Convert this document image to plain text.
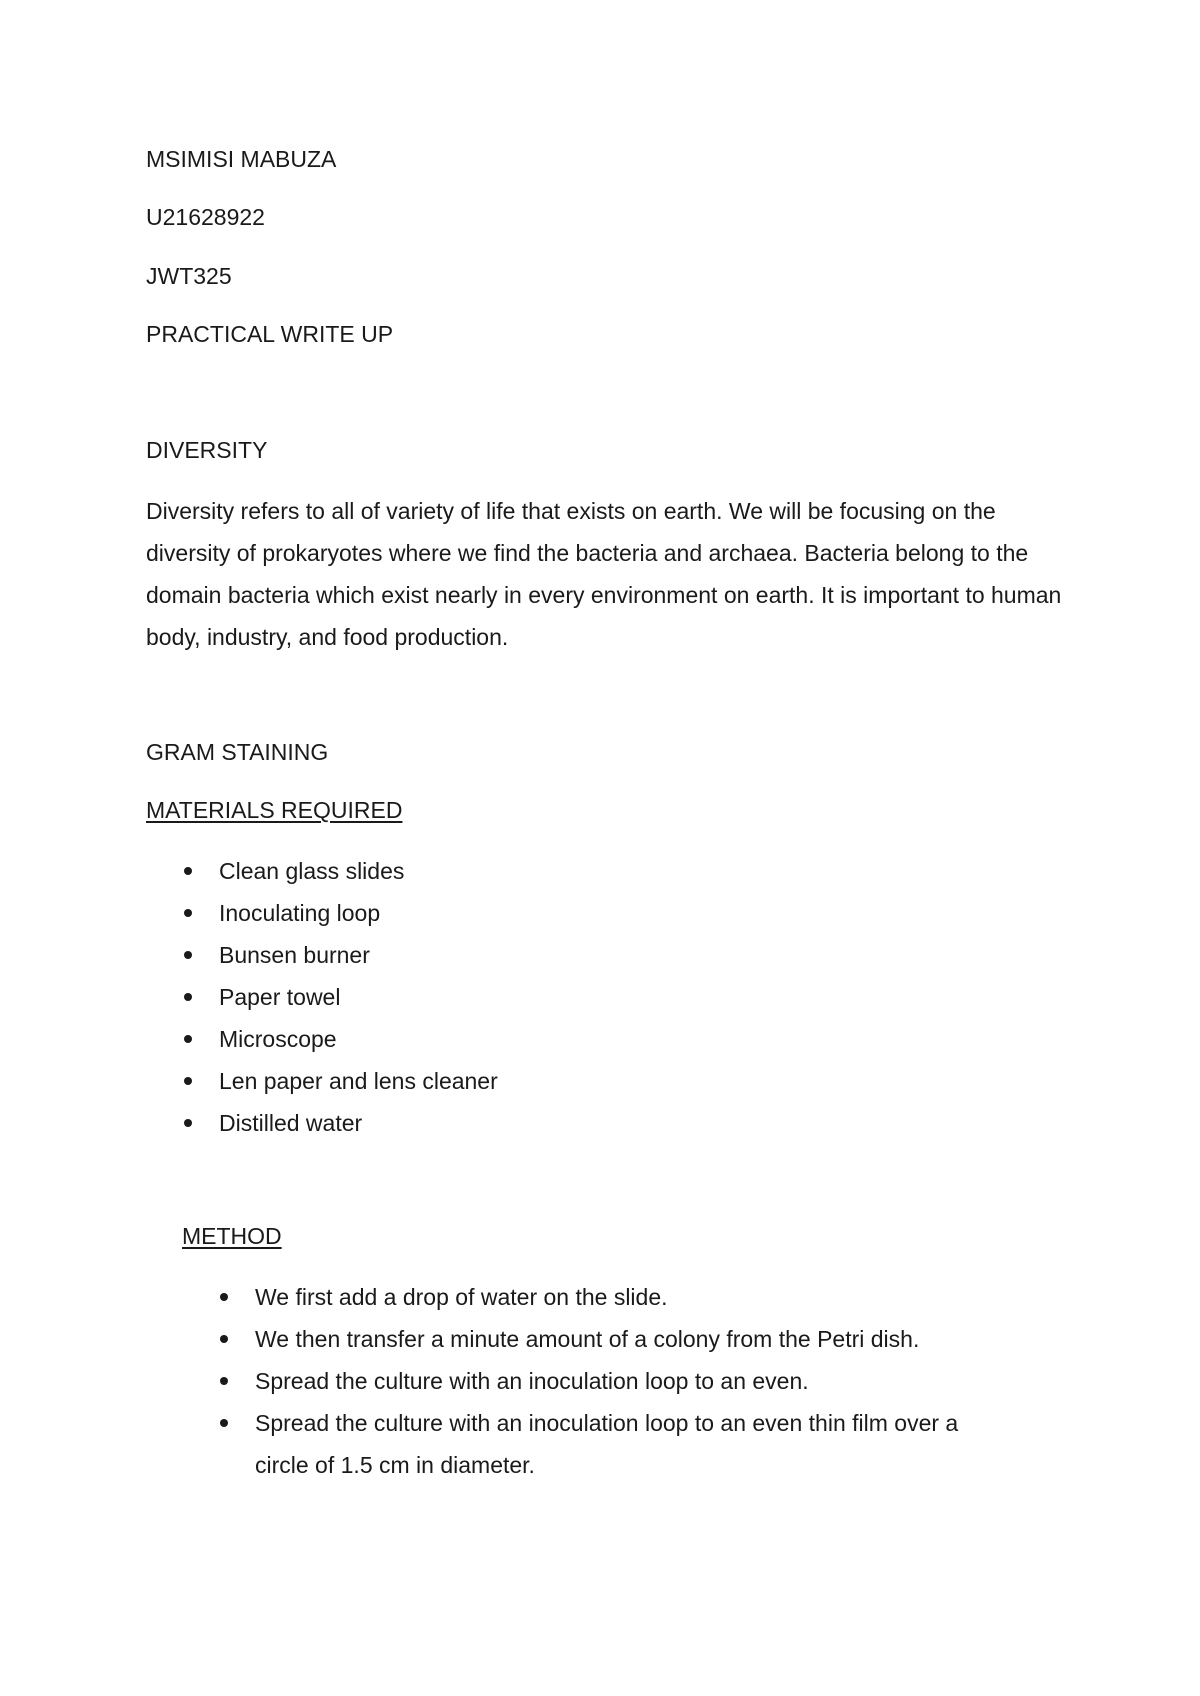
MSIMISI MABUZA

U21628922

JWT325

PRACTICAL WRITE UP

DIVERSITY

Diversity refers to all of variety of life that exists on earth. We will be focusing on the diversity of prokaryotes where we find the bacteria and archaea. Bacteria belong to the domain bacteria which exist nearly in every environment on earth. It is important to human body, industry, and food production.

GRAM STAINING

MATERIALS REQUIRED

Clean glass slides
Inoculating loop
Bunsen burner
Paper towel
Microscope
Len paper and lens cleaner
Distilled water

METHOD

We first add a drop of water on the slide.
We then transfer a minute amount of a colony from the Petri dish.
Spread the culture with an inoculation loop to an even.
Spread the culture with an inoculation loop to an even thin film over a circle of 1.5 cm in diameter.
